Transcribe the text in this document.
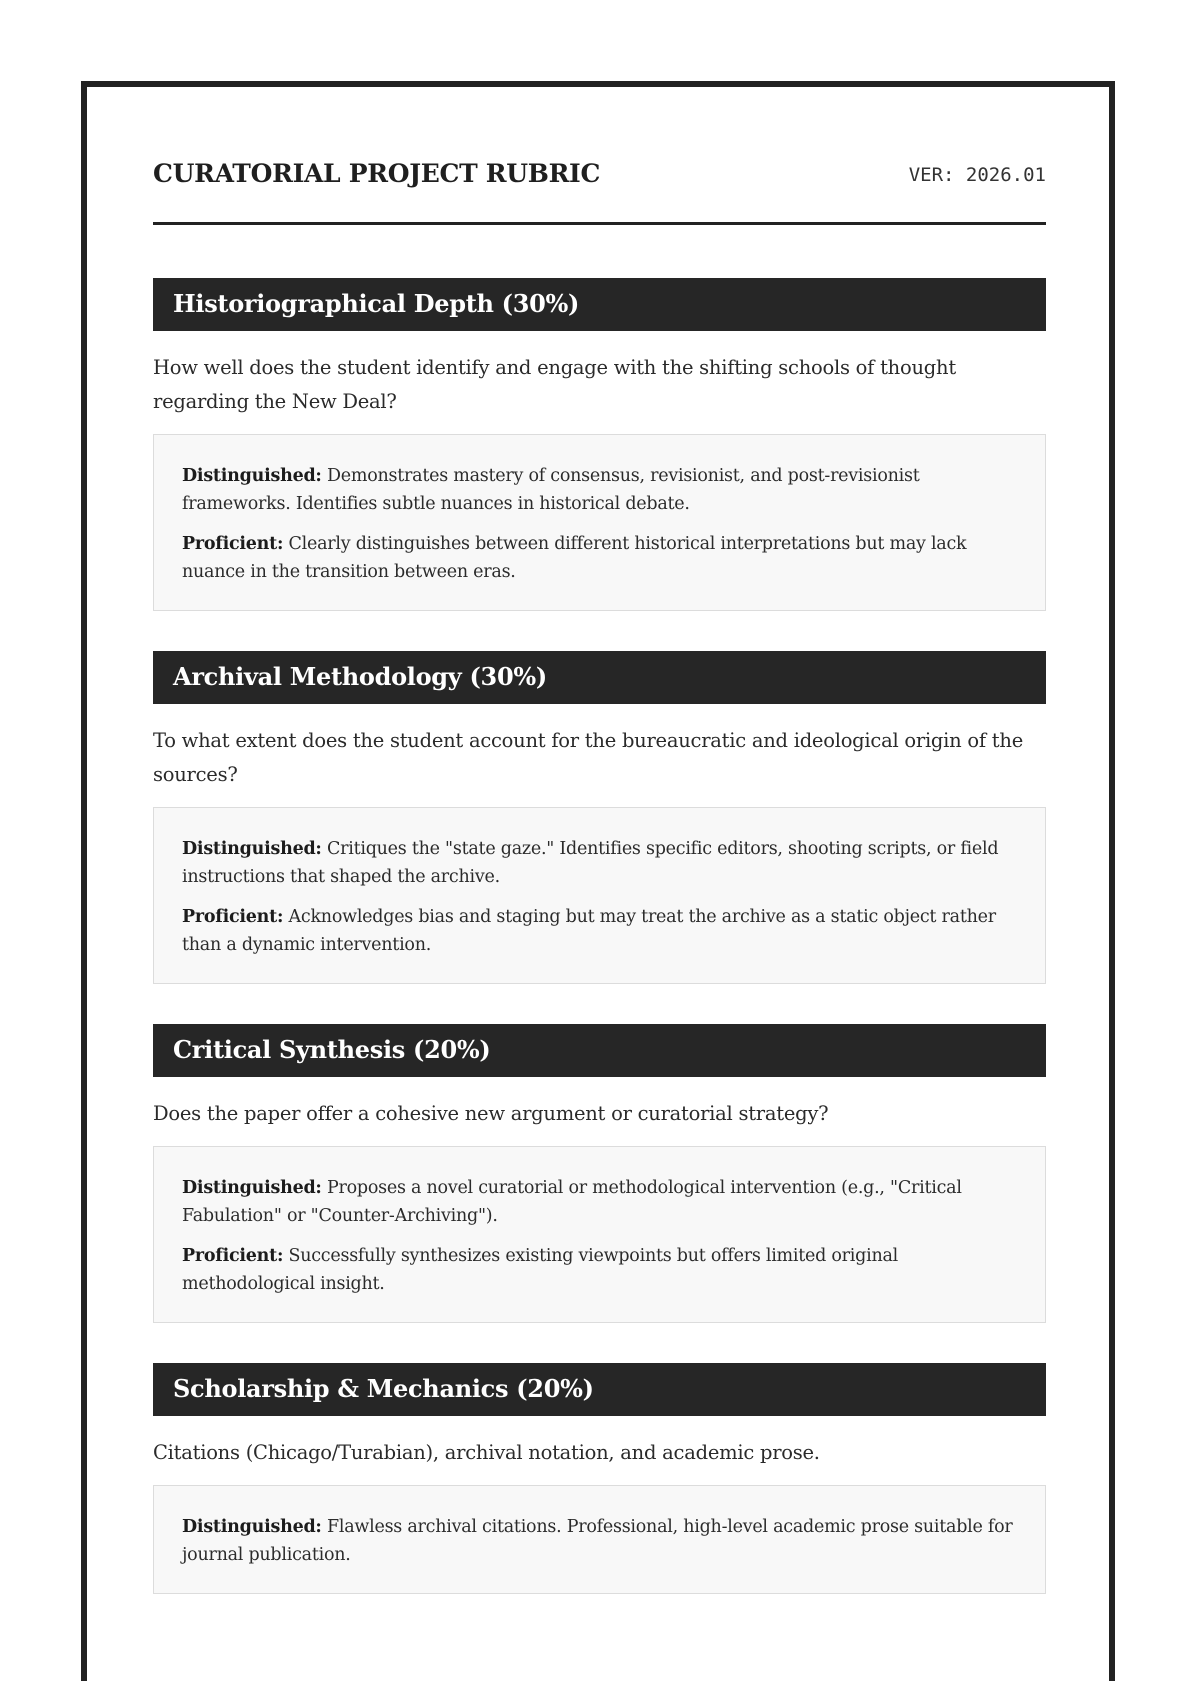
CURATORIAL PROJECT RUBRIC	VER: 2026.01
Historiographical Depth (30%)

How well does the student identify and engage with the shifting schools of thought regarding the New Deal?

Distinguished: Demonstrates mastery of consensus, revisionist, and post-revisionist frameworks. Identifies subtle nuances in historical debate.

Proficient: Clearly distinguishes between different historical interpretations but may lack nuance in the transition between eras.

Archival Methodology (30%)

To what extent does the student account for the bureaucratic and ideological origin of the sources?

Distinguished: Critiques the "state gaze." Identifies specific editors, shooting scripts, or field instructions that shaped the archive.

Proficient: Acknowledges bias and staging but may treat the archive as a static object rather than a dynamic intervention.

Critical Synthesis (20%)

Does the paper offer a cohesive new argument or curatorial strategy?

Distinguished: Proposes a novel curatorial or methodological intervention (e.g., "Critical Fabulation" or "Counter-Archiving").

Proficient: Successfully synthesizes existing viewpoints but offers limited original methodological insight.

Scholarship & Mechanics (20%)

Citations (Chicago/Turabian), archival notation, and academic prose.

Distinguished: Flawless archival citations. Professional, high-level academic prose suitable for journal publication.
